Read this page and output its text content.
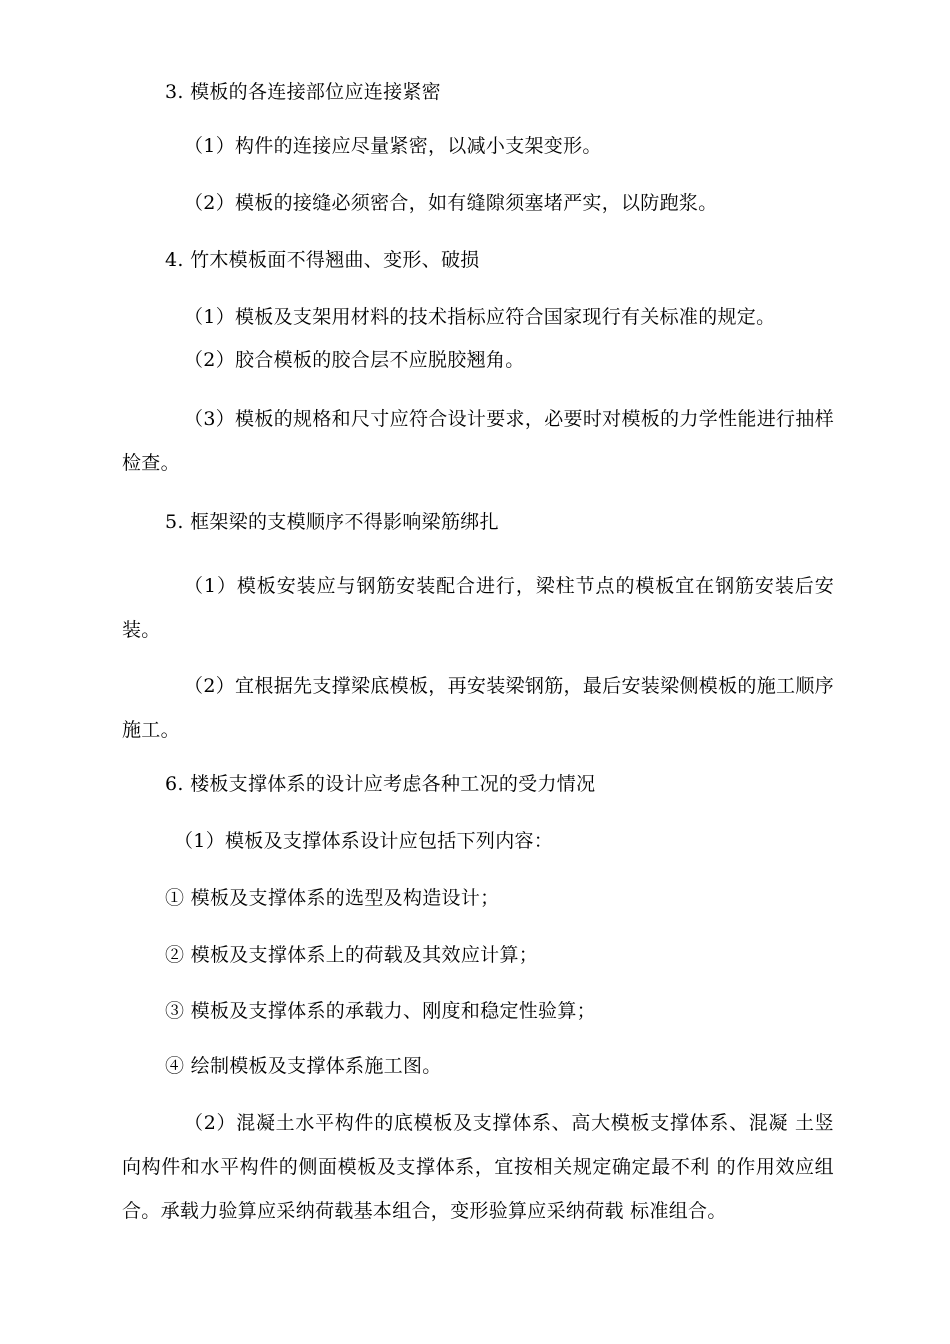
3. 模板的各连接部位应连接紧密
（1）构件的连接应尽量紧密，以减小支架变形。
（2）模板的接缝必须密合，如有缝隙须塞堵严实，以防跑浆。
4. 竹木模板面不得翘曲、变形、破损
（1）模板及支架用材料的技术指标应符合国家现行有关标准的规定。
（2）胶合模板的胶合层不应脱胶翘角。
（3）模板的规格和尺寸应符合设计要求，必要时对模板的力学性能进行抽样检查。
5. 框架梁的支模顺序不得影响梁筋绑扎
（1）模板安装应与钢筋安装配合进行，梁柱节点的模板宜在钢筋安装后安装。
（2）宜根据先支撑梁底模板，再安装梁钢筋，最后安装梁侧模板的施工顺序施工。
6. 楼板支撑体系的设计应考虑各种工况的受力情况
（1）模板及支撑体系设计应包括下列内容：
① 模板及支撑体系的选型及构造设计；
② 模板及支撑体系上的荷载及其效应计算；
③ 模板及支撑体系的承载力、刚度和稳定性验算；
④ 绘制模板及支撑体系施工图。
（2）混凝土水平构件的底模板及支撑体系、高大模板支撑体系、混凝 土竖向构件和水平构件的侧面模板及支撑体系，宜按相关规定确定最不利 的作用效应组合。承载力验算应采纳荷载基本组合，变形验算应采纳荷载 标准组合。
